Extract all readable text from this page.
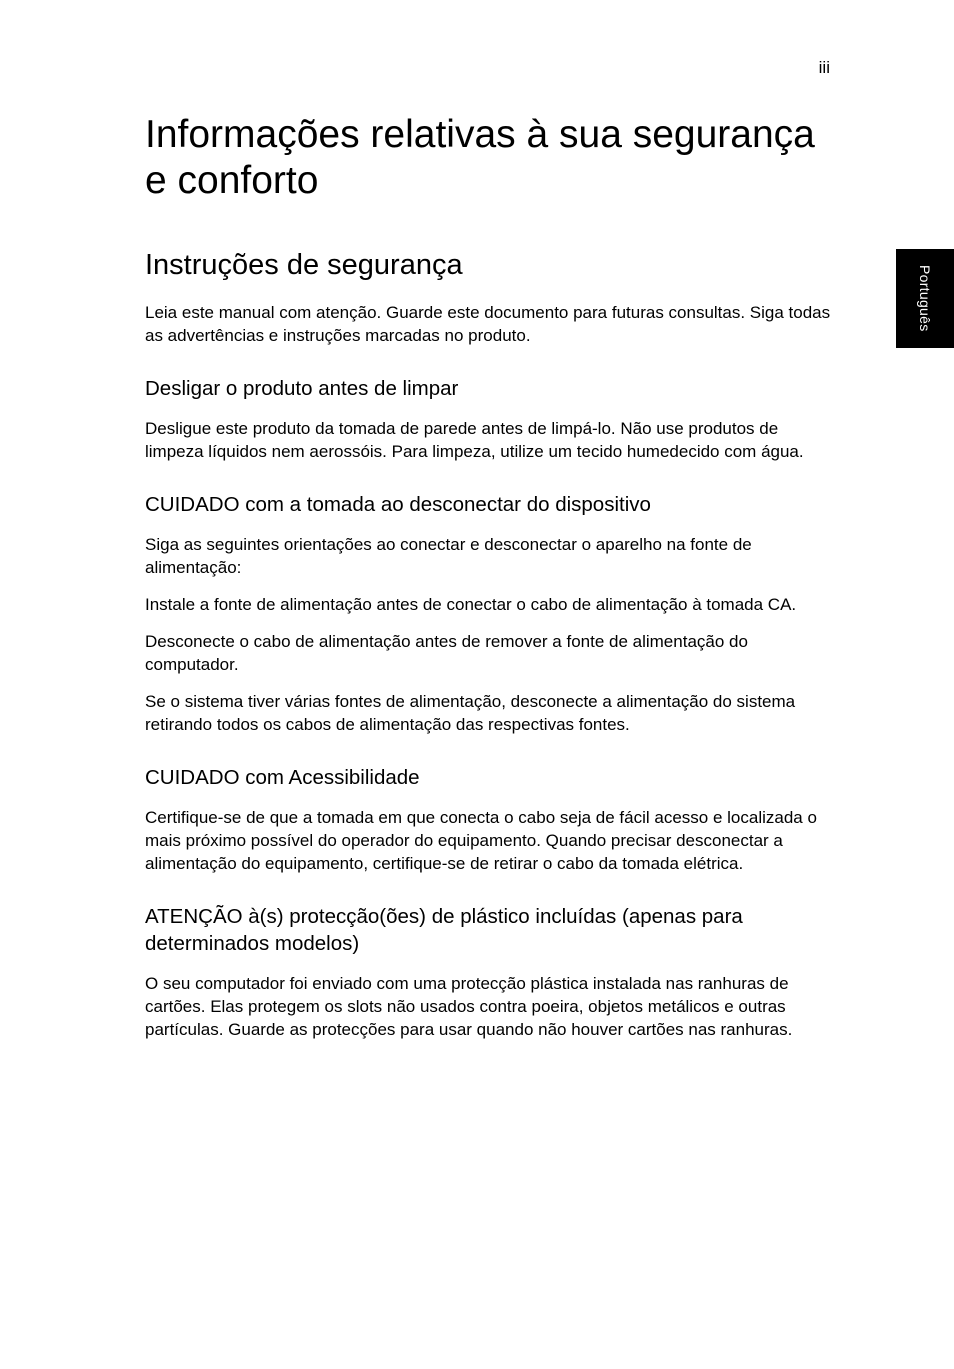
iii
Português
Informações relativas à sua segurança e conforto
Instruções de segurança

Leia este manual com atenção. Guarde este documento para futuras consultas. Siga todas as advertências e instruções marcadas no produto.

Desligar o produto antes de limpar

Desligue este produto da tomada de parede antes de limpá-lo. Não use produtos de limpeza líquidos nem aerossóis. Para limpeza, utilize um tecido humedecido com água.

CUIDADO com a tomada ao desconectar do dispositivo

Siga as seguintes orientações ao conectar e desconectar o aparelho na fonte de alimentação:

Instale a fonte de alimentação antes de conectar o cabo de alimentação à tomada CA.

Desconecte o cabo de alimentação antes de remover a fonte de alimentação do computador.

Se o sistema tiver várias fontes de alimentação, desconecte a alimentação do sistema retirando todos os cabos de alimentação das respectivas fontes.

CUIDADO com Acessibilidade

Certifique-se de que a tomada em que conecta o cabo seja de fácil acesso e localizada o mais próximo possível do operador do equipamento. Quando precisar desconectar a alimentação do equipamento, certifique-se de retirar o cabo da tomada elétrica.

ATENÇÃO à(s) protecção(ões) de plástico incluídas (apenas para determinados modelos)

O seu computador foi enviado com uma protecção plástica instalada nas ranhuras de cartões. Elas protegem os slots não usados contra poeira, objetos metálicos e outras partículas. Guarde as protecções para usar quando não houver cartões nas ranhuras.
